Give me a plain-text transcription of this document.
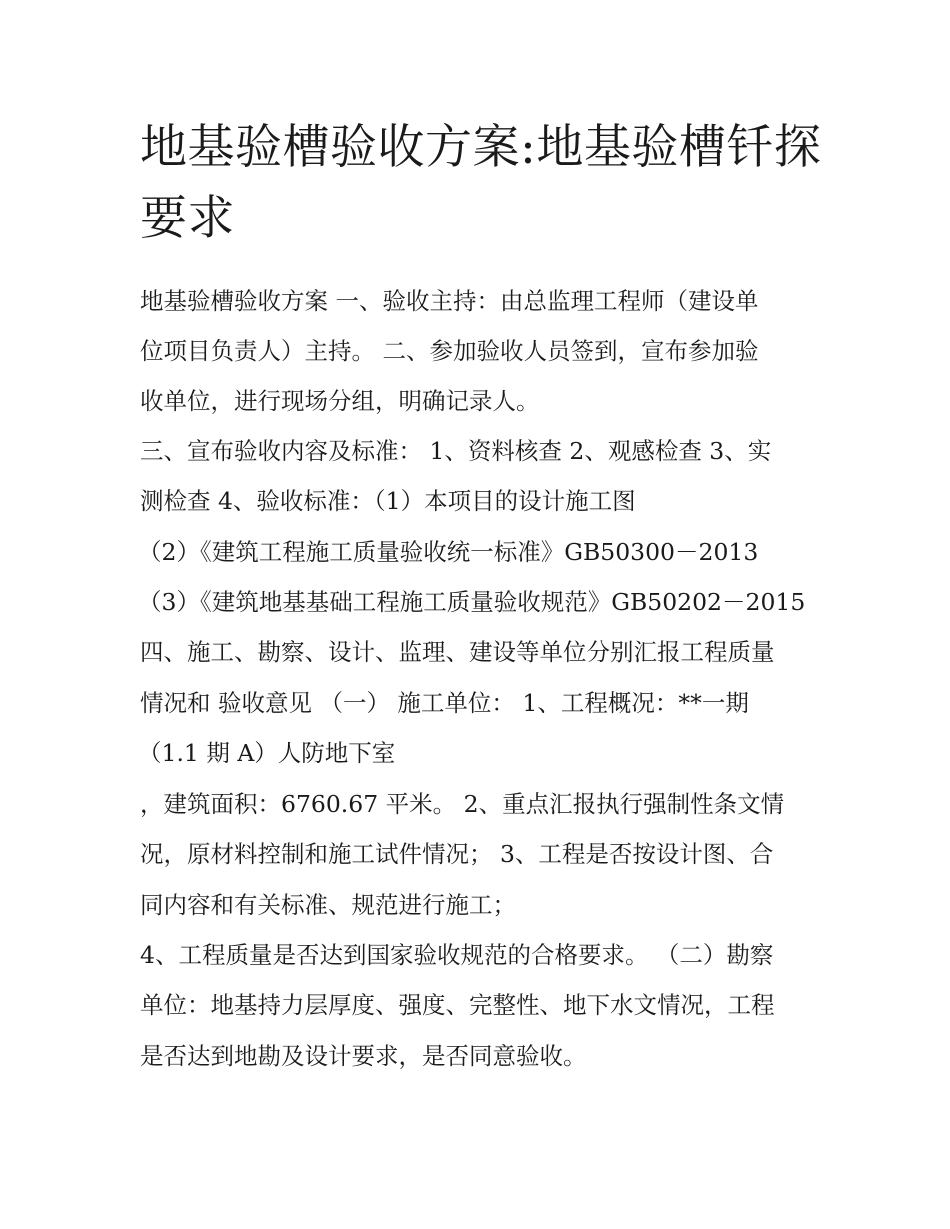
地基验槽验收方案:地基验槽钎探要求

地基验槽验收方案 一、验收主持：由总监理工程师（建设单

位项目负责人）主持。 二、参加验收人员签到，宣布参加验

收单位，进行现场分组，明确记录人。

三、宣布验收内容及标准： 1、资料核查 2、观感检查 3、实

测检查 4、验收标准：（1）本项目的设计施工图

（2）《建筑工程施工质量验收统一标准》GB50300－2013

（3）《建筑地基基础工程施工质量验收规范》GB50202－2015

四、施工、勘察、设计、监理、建设等单位分别汇报工程质量

情况和 验收意见 （一） 施工单位： 1、工程概况：**一期

（1.1 期 A）人防地下室

，建筑面积：6760.67 平米。 2、重点汇报执行强制性条文情

况，原材料控制和施工试件情况； 3、工程是否按设计图、合

同内容和有关标准、规范进行施工；

4、工程质量是否达到国家验收规范的合格要求。 （二）勘察

单位：地基持力层厚度、强度、完整性、地下水文情况，工程

是否达到地勘及设计要求，是否同意验收。
